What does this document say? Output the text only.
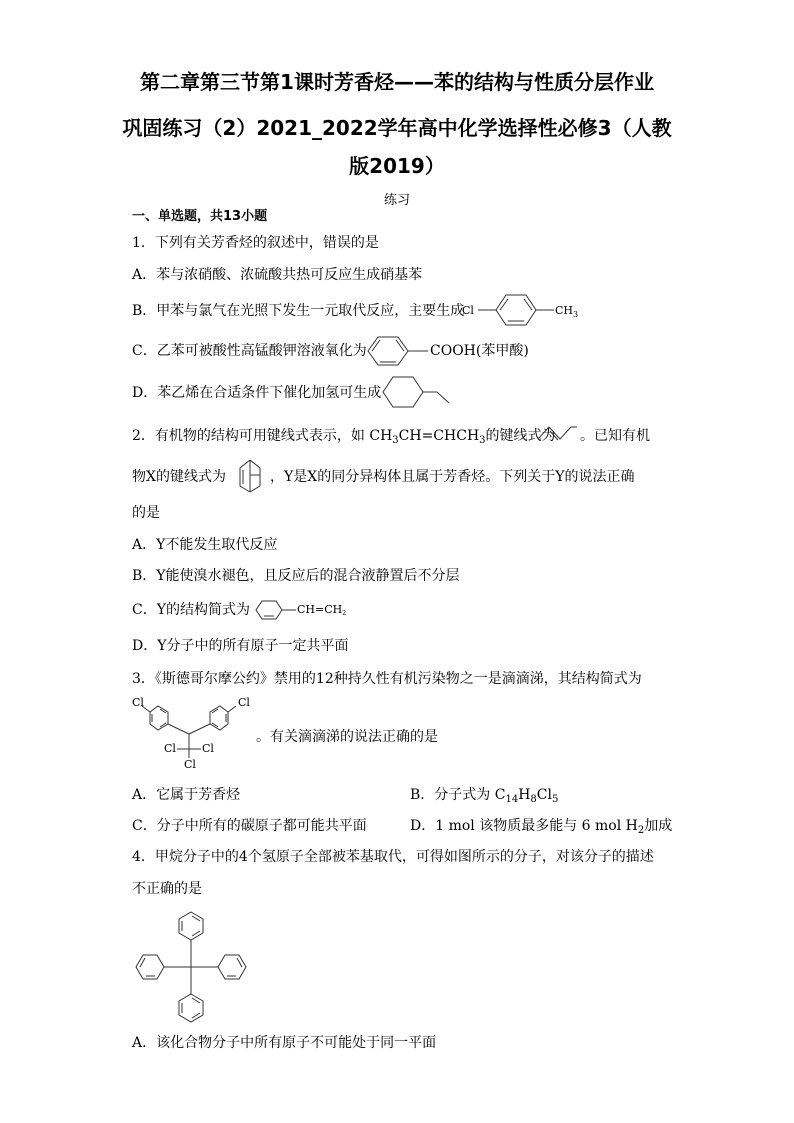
第二章第三节第1课时芳香烃——苯的结构与性质分层作业
巩固练习（2）2021_2022学年高中化学选择性必修3（人教
版2019）
练习
一、单选题，共13小题
1．下列有关芳香烃的叙述中，错误的是
A．苯与浓硝酸、浓硫酸共热可反应生成硝基苯
B．甲苯与氯气在光照下发生一元取代反应，主要生成
Cl	$CH_3$
C．乙苯可被酸性高锰酸钾溶液氧化为	COOH(苯甲酸)
D．苯乙烯在合适条件下催化加氢可生成
2．有机物的结构可用键线式表示，如 $CH_3CH=CHCH_3$的键线式为 。已知有机
物X的键线式为	，Y是X的同分异构体且属于芳香烃。下列关于Y的说法正确
的是
A．Y不能发生取代反应
B．Y能使溴水褪色，且反应后的混合液静置后不分层
C．Y的结构简式为	CH=CH2
D．Y分子中的所有原子一定共平面
3．《斯德哥尔摩公约》禁用的12种持久性有机污染物之一是滴滴涕，其结构简式为
Cl	Cl
Cl Cl
Cl
。有关滴滴涕的说法正确的是
A．它属于芳香烃	B．分子式为 $C_{14}H_8Cl_5$
C．分子中所有的碳原子都可能共平面	D．1 mol 该物质最多能与 6 mol $H_2$加成
4．甲烷分子中的4个氢原子全部被苯基取代，可得如图所示的分子，对该分子的描述
不正确的是
A．该化合物分子中所有原子不可能处于同一平面
